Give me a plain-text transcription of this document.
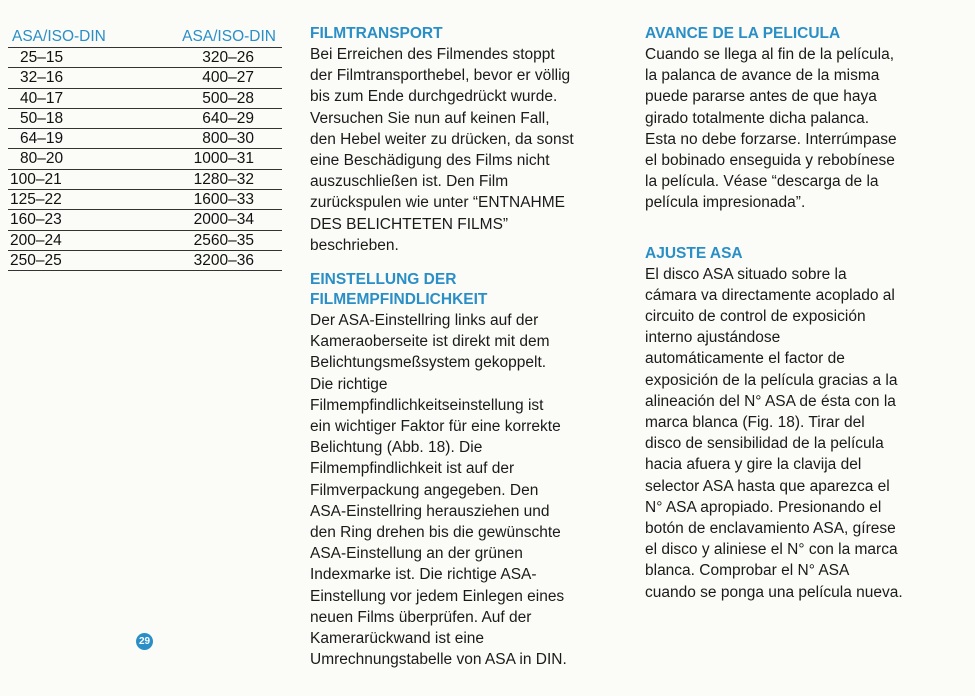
ASA/ISO-DIN	ASA/ISO-DIN
25–15	320–26
32–16	400–27
40–17	500–28
50–18	640–29
64–19	800–30
80–20	1000–31
100–21	1280–32
125–22	1600–33
160–23	2000–34
200–24	2560–35
250–25	3200–36
FILMTRANSPORT

Bei Erreichen des Filmendes stoppt
der Filmtransporthebel, bevor er völlig
bis zum Ende durchgedrückt wurde.
Versuchen Sie nun auf keinen Fall,
den Hebel weiter zu drücken, da sonst
eine Beschädigung des Films nicht
auszuschließen ist. Den Film
zurückspulen wie unter “ENTNAHME
DES BELICHTETEN FILMS”
beschrieben.

EINSTELLUNG DER
FILMEMPFINDLICHKEIT

Der ASA-Einstellring links auf der
Kameraoberseite ist direkt mit dem
Belichtungsmeßsystem gekoppelt.
Die richtige
Filmempfindlichkeitseinstellung ist
ein wichtiger Faktor für eine korrekte
Belichtung (Abb. 18). Die
Filmempfindlichkeit ist auf der
Filmverpackung angegeben. Den
ASA-Einstellring herausziehen und
den Ring drehen bis die gewünschte
ASA-Einstellung an der grünen
Indexmarke ist. Die richtige ASA-
Einstellung vor jedem Einlegen eines
neuen Films überprüfen. Auf der
Kamerarückwand ist eine
Umrechnungstabelle von ASA in DIN.

AVANCE DE LA PELICULA

Cuando se llega al fin de la película,
la palanca de avance de la misma
puede pararse antes de que haya
girado totalmente dicha palanca.
Esta no debe forzarse. Interrúmpase
el bobinado enseguida y rebobínese
la película. Véase “descarga de la
película impresionada”.

AJUSTE ASA

El disco ASA situado sobre la
cámara va directamente acoplado al
circuito de control de exposición
interno ajustándose
automáticamente el factor de
exposición de la película gracias a la
alineación del N° ASA de ésta con la
marca blanca (Fig. 18). Tirar del
disco de sensibilidad de la película
hacia afuera y gire la clavija del
selector ASA hasta que aparezca el
N° ASA apropiado. Presionando el
botón de enclavamiento ASA, gírese
el disco y aliniese el N° con la marca
blanca. Comprobar el N° ASA
cuando se ponga una película nueva.

29
